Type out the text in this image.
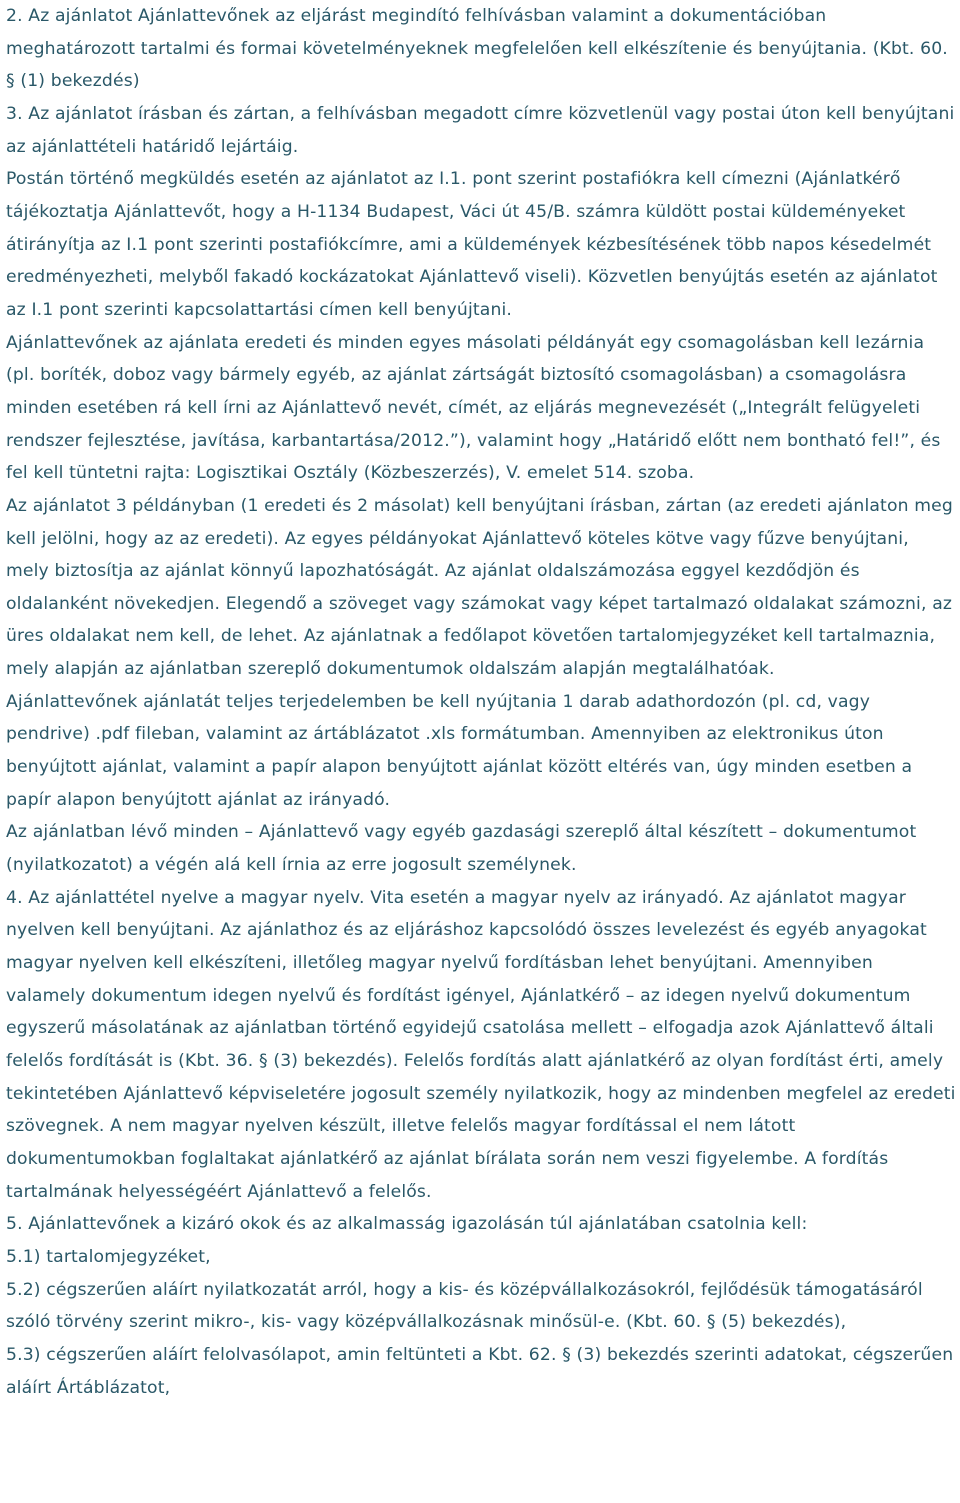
2. Az ajánlatot Ajánlattevőnek az eljárást megindító felhívásban valamint a dokumentációban meghatározott tartalmi és formai követelményeknek megfelelően kell elkészítenie és benyújtania. (Kbt. 60. § (1) bekezdés)

3. Az ajánlatot írásban és zártan, a felhívásban megadott címre közvetlenül vagy postai úton kell benyújtani az ajánlattételi határidő lejártáig.

Postán történő megküldés esetén az ajánlatot az I.1. pont szerint postafiókra kell címezni (Ajánlatkérő tájékoztatja Ajánlattevőt, hogy a H-1134 Budapest, Váci út 45/B. számra küldött postai küldeményeket átirányítja az I.1 pont szerinti postafiókcímre, ami a küldemények kézbesítésének több napos késedelmét eredményezheti, melyből fakadó kockázatokat Ajánlattevő viseli). Közvetlen benyújtás esetén az ajánlatot az I.1 pont szerinti kapcsolattartási címen kell benyújtani.

Ajánlattevőnek az ajánlata eredeti és minden egyes másolati példányát egy csomagolásban kell lezárnia (pl. boríték, doboz vagy bármely egyéb, az ajánlat zártságát biztosító csomagolásban) a csomagolásra minden esetében rá kell írni az Ajánlattevő nevét, címét, az eljárás megnevezését („Integrált felügyeleti rendszer fejlesztése, javítása, karbantartása/2012.”), valamint hogy „Határidő előtt nem bontható fel!”, és fel kell tüntetni rajta: Logisztikai Osztály (Közbeszerzés), V. emelet 514. szoba.

Az ajánlatot 3 példányban (1 eredeti és 2 másolat) kell benyújtani írásban, zártan (az eredeti ajánlaton meg kell jelölni, hogy az az eredeti). Az egyes példányokat Ajánlattevő köteles kötve vagy fűzve benyújtani, mely biztosítja az ajánlat könnyű lapozhatóságát. Az ajánlat oldalszámozása eggyel kezdődjön és oldalanként növekedjen. Elegendő a szöveget vagy számokat vagy képet tartalmazó oldalakat számozni, az üres oldalakat nem kell, de lehet. Az ajánlatnak a fedőlapot követően tartalomjegyzéket kell tartalmaznia, mely alapján az ajánlatban szereplő dokumentumok oldalszám alapján megtalálhatóak.

Ajánlattevőnek ajánlatát teljes terjedelemben be kell nyújtania 1 darab adathordozón (pl. cd, vagy pendrive) .pdf fileban, valamint az ártáblázatot .xls formátumban. Amennyiben az elektronikus úton benyújtott ajánlat, valamint a papír alapon benyújtott ajánlat között eltérés van, úgy minden esetben a papír alapon benyújtott ajánlat az irányadó.

Az ajánlatban lévő minden – Ajánlattevő vagy egyéb gazdasági szereplő által készített – dokumentumot (nyilatkozatot) a végén alá kell írnia az erre jogosult személynek.

4. Az ajánlattétel nyelve a magyar nyelv. Vita esetén a magyar nyelv az irányadó. Az ajánlatot magyar nyelven kell benyújtani. Az ajánlathoz és az eljáráshoz kapcsolódó összes levelezést és egyéb anyagokat magyar nyelven kell elkészíteni, illetőleg magyar nyelvű fordításban lehet benyújtani. Amennyiben valamely dokumentum idegen nyelvű és fordítást igényel, Ajánlatkérő – az idegen nyelvű dokumentum egyszerű másolatának az ajánlatban történő egyidejű csatolása mellett – elfogadja azok Ajánlattevő általi felelős fordítását is (Kbt. 36. § (3) bekezdés). Felelős fordítás alatt ajánlatkérő az olyan fordítást érti, amely tekintetében Ajánlattevő képviseletére jogosult személy nyilatkozik, hogy az mindenben megfelel az eredeti szövegnek. A nem magyar nyelven készült, illetve felelős magyar fordítással el nem látott dokumentumokban foglaltakat ajánlatkérő az ajánlat bírálata során nem veszi figyelembe. A fordítás tartalmának helyességéért Ajánlattevő a felelős.

5. Ajánlattevőnek a kizáró okok és az alkalmasság igazolásán túl ajánlatában csatolnia kell:

5.1) tartalomjegyzéket,

5.2) cégszerűen aláírt nyilatkozatát arról, hogy a kis- és középvállalkozásokról, fejlődésük támogatásáról szóló törvény szerint mikro-, kis- vagy középvállalkozásnak minősül-e. (Kbt. 60. § (5) bekezdés),

5.3) cégszerűen aláírt felolvasólapot, amin feltünteti a Kbt. 62. § (3) bekezdés szerinti adatokat, cégszerűen aláírt Ártáblázatot,
